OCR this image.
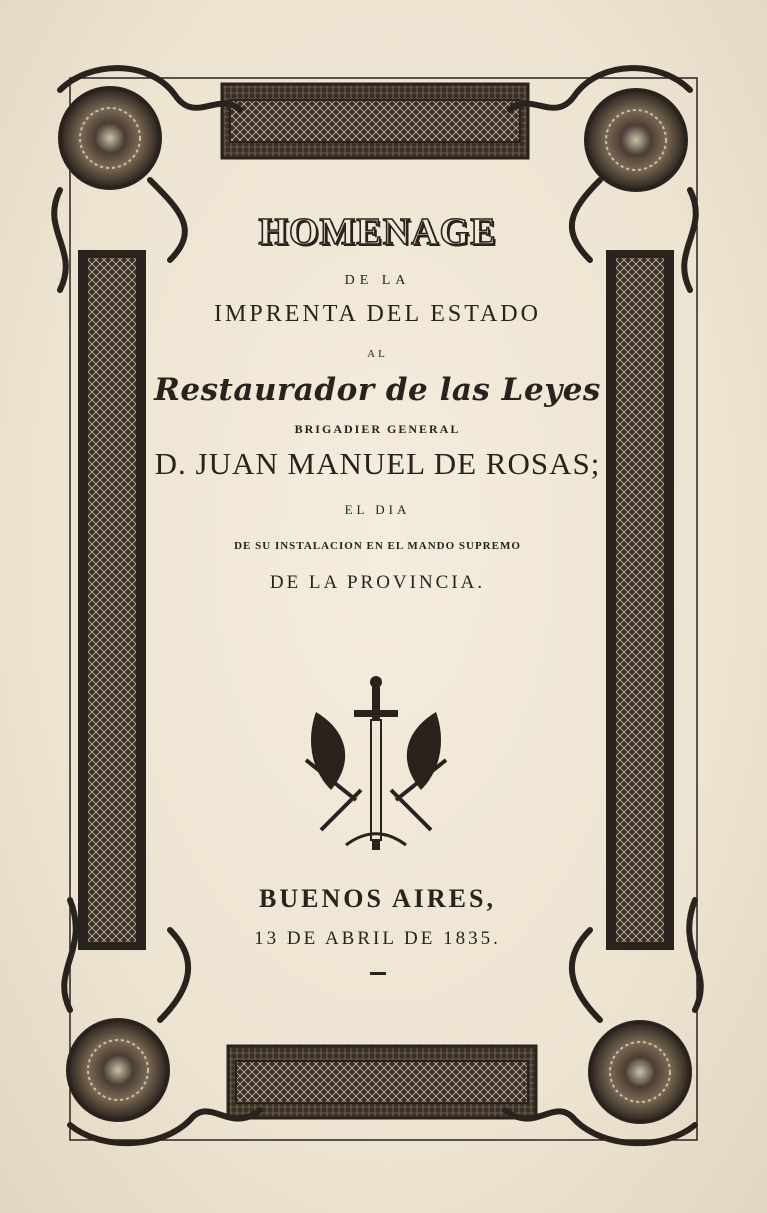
HOMENAGE
DE LA
IMPRENTA DEL ESTADO
AL
Restaurador de las Leyes
BRIGADIER GENERAL
D. JUAN MANUEL DE ROSAS;
EL DIA
DE SU INSTALACION EN EL MANDO SUPREMO
DE LA PROVINCIA.
BUENOS AIRES,
13 DE ABRIL DE 1835.
